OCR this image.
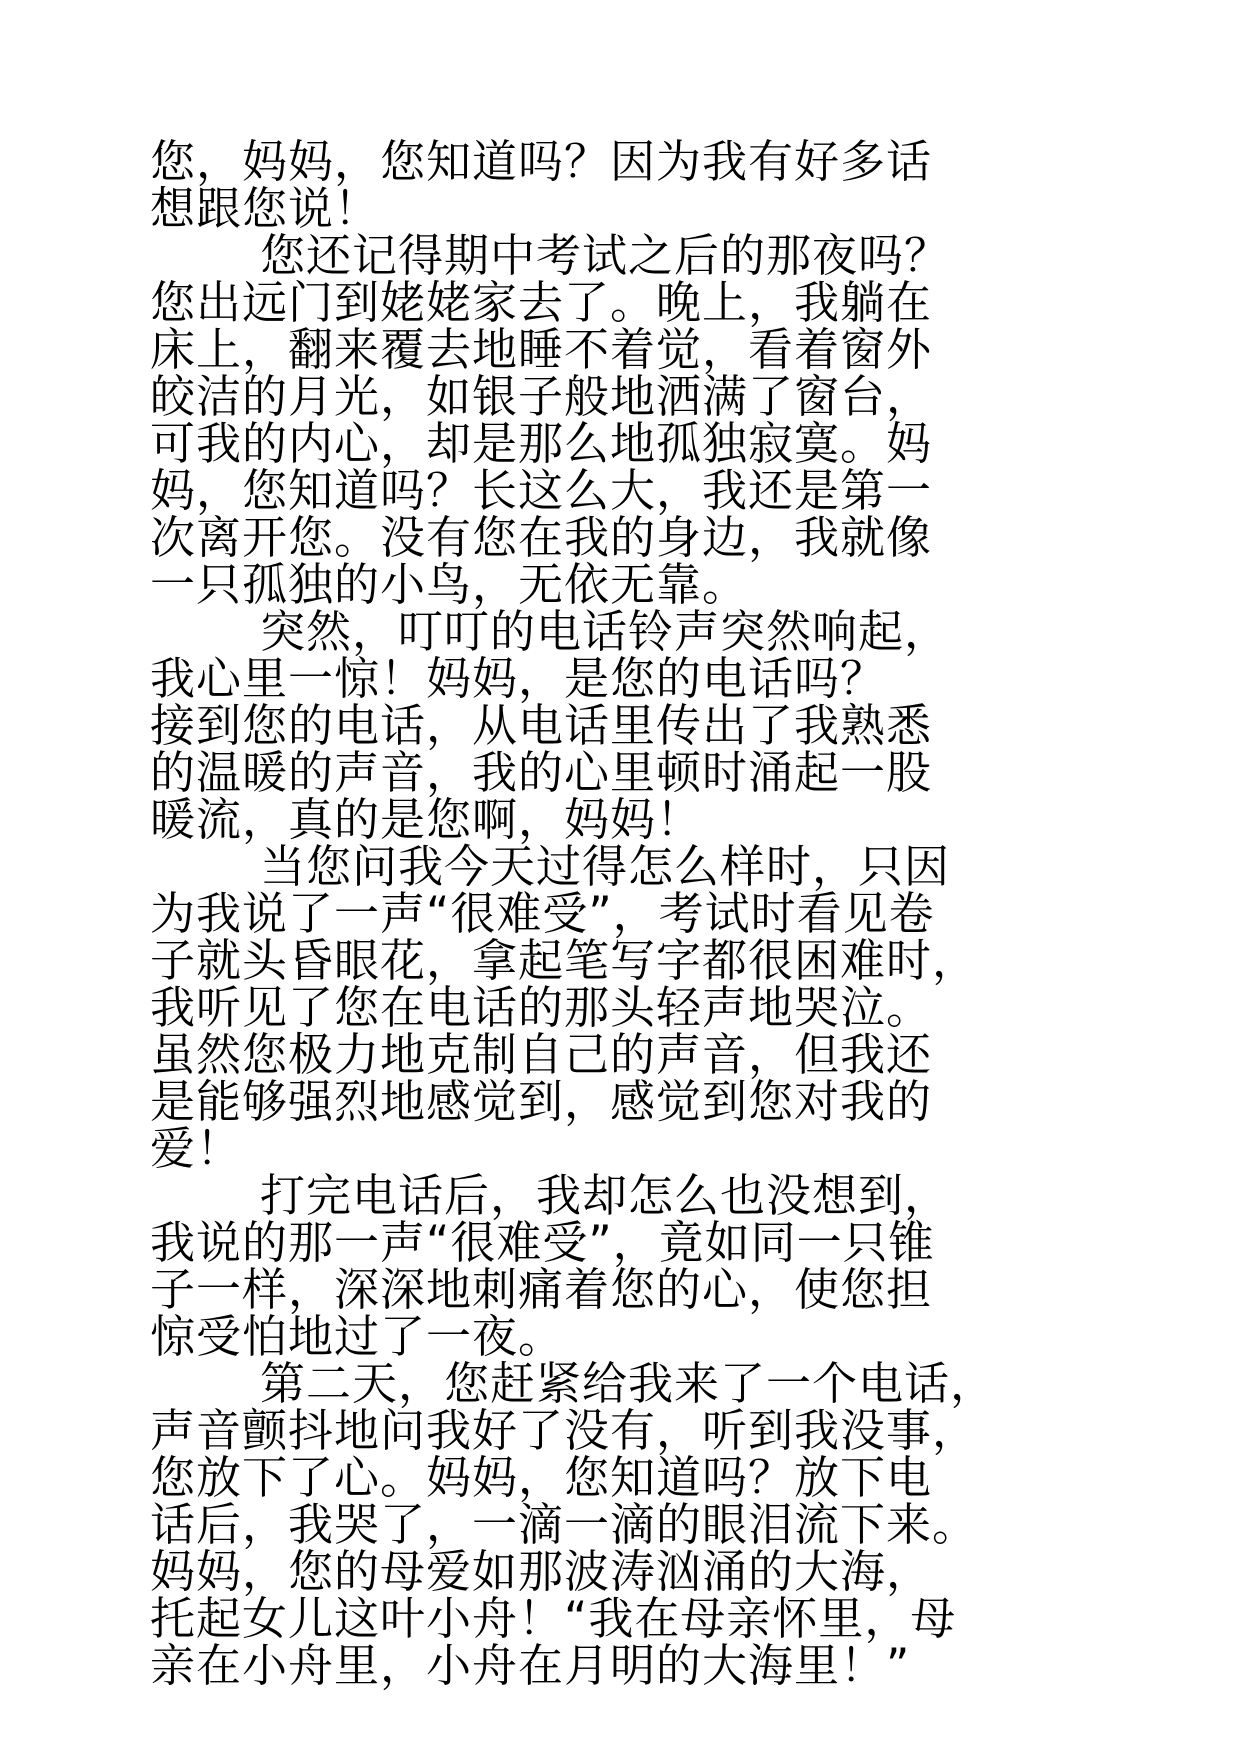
您，妈妈，您知道吗？因为我有好多话
想跟您说！
您还记得期中考试之后的那夜吗？
您出远门到姥姥家去了。晚上，我躺在
床上，翻来覆去地睡不着觉，看着窗外
皎洁的月光，如银子般地洒满了窗台，
可我的内心，却是那么地孤独寂寞。妈
妈，您知道吗？长这么大，我还是第一
次离开您。没有您在我的身边，我就像
一只孤独的小鸟，无依无靠。
突然，叮叮的电话铃声突然响起，
我心里一惊！妈妈，是您的电话吗？
接到您的电话，从电话里传出了我熟悉
的温暖的声音，我的心里顿时涌起一股
暖流，真的是您啊，妈妈！
当您问我今天过得怎么样时，只因
为我说了一声“很难受”，考试时看见卷
子就头昏眼花，拿起笔写字都很困难时，
我听见了您在电话的那头轻声地哭泣。
虽然您极力地克制自己的声音，但我还
是能够强烈地感觉到，感觉到您对我的
爱！
打完电话后，我却怎么也没想到，
我说的那一声“很难受”，竟如同一只锥
子一样，深深地刺痛着您的心，使您担
惊受怕地过了一夜。
第二天，您赶紧给我来了一个电话，
声音颤抖地问我好了没有，听到我没事，
您放下了心。妈妈，您知道吗？放下电
话后，我哭了，一滴一滴的眼泪流下来。
妈妈，您的母爱如那波涛汹涌的大海，
托起女儿这叶小舟！“我在母亲怀里，母
亲在小舟里，小舟在月明的大海里！”
